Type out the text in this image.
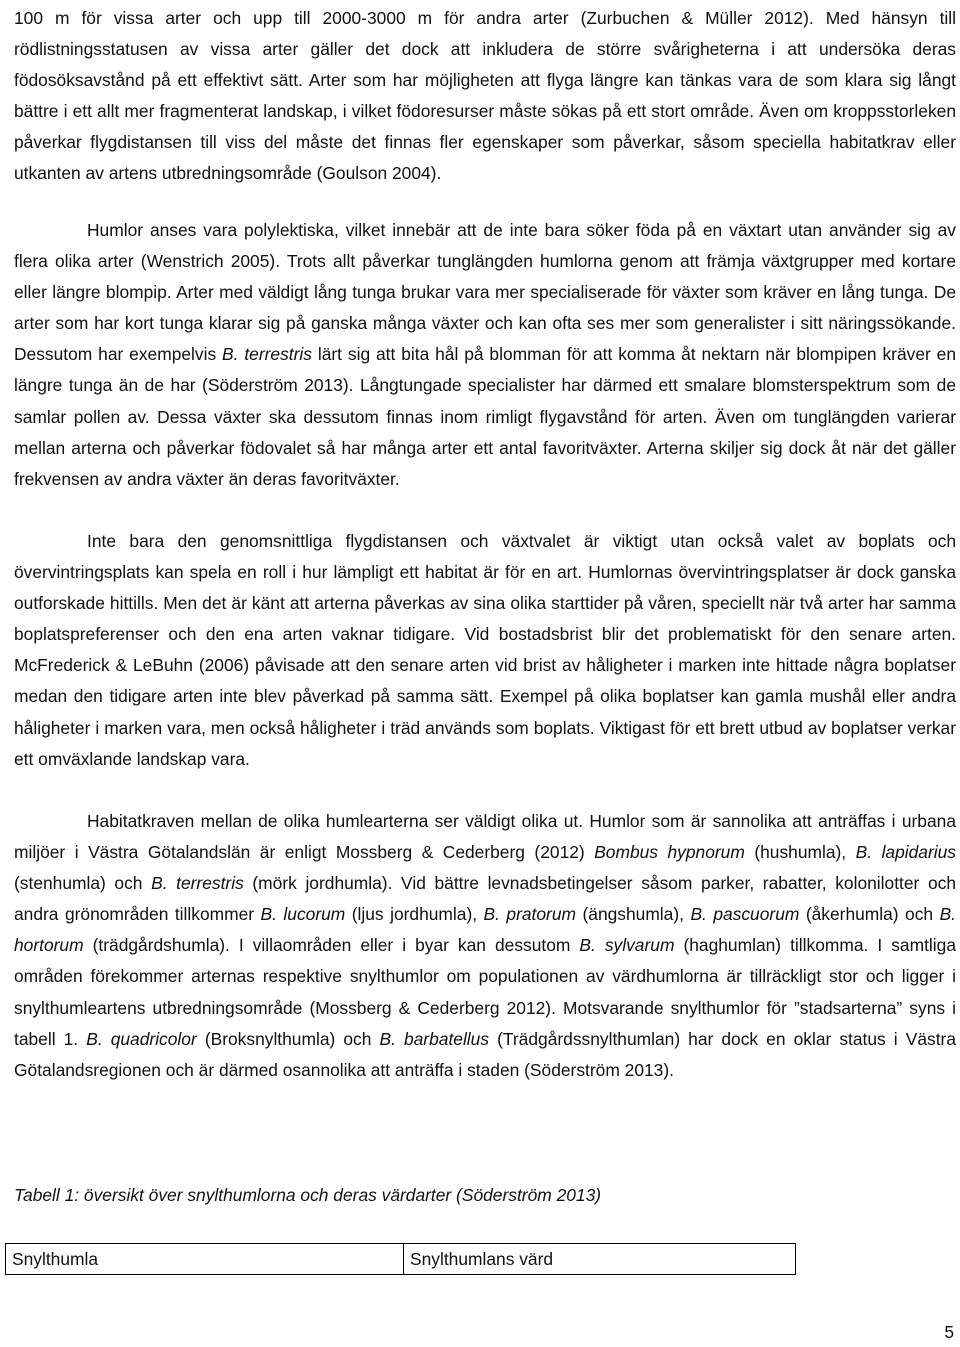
100 m för vissa arter och upp till 2000-3000 m för andra arter (Zurbuchen & Müller 2012). Med hänsyn till rödlistningsstatusen av vissa arter gäller det dock att inkludera de större svårigheterna i att undersöka deras födosöksavstånd på ett effektivt sätt. Arter som har möjligheten att flyga längre kan tänkas vara de som klara sig långt bättre i ett allt mer fragmenterat landskap, i vilket födoresurser måste sökas på ett stort område. Även om kroppsstorleken påverkar flygdistansen till viss del måste det finnas fler egenskaper som påverkar, såsom speciella habitatkrav eller utkanten av artens utbredningsområde (Goulson 2004).

Humlor anses vara polylektiska, vilket innebär att de inte bara söker föda på en växtart utan använder sig av flera olika arter (Wenstrich 2005). Trots allt påverkar tunglängden humlorna genom att främja växtgrupper med kortare eller längre blompip. Arter med väldigt lång tunga brukar vara mer specialiserade för växter som kräver en lång tunga. De arter som har kort tunga klarar sig på ganska många växter och kan ofta ses mer som generalister i sitt näringssökande. Dessutom har exempelvis B. terrestris lärt sig att bita hål på blomman för att komma åt nektarn när blompipen kräver en längre tunga än de har (Söderström 2013). Långtungade specialister har därmed ett smalare blomsterspektrum som de samlar pollen av. Dessa växter ska dessutom finnas inom rimligt flygavstånd för arten. Även om tunglängden varierar mellan arterna och påverkar födovalet så har många arter ett antal favoritväxter. Arterna skiljer sig dock åt när det gäller frekvensen av andra växter än deras favoritväxter.

Inte bara den genomsnittliga flygdistansen och växtvalet är viktigt utan också valet av boplats och övervintringsplats kan spela en roll i hur lämpligt ett habitat är för en art. Humlornas övervintringsplatser är dock ganska outforskade hittills. Men det är känt att arterna påverkas av sina olika starttider på våren, speciellt när två arter har samma boplatspreferenser och den ena arten vaknar tidigare. Vid bostadsbrist blir det problematiskt för den senare arten. McFrederick & LeBuhn (2006) påvisade att den senare arten vid brist av håligheter i marken inte hittade några boplatser medan den tidigare arten inte blev påverkad på samma sätt. Exempel på olika boplatser kan gamla mushål eller andra håligheter i marken vara, men också håligheter i träd används som boplats. Viktigast för ett brett utbud av boplatser verkar ett omväxlande landskap vara.

Habitatkraven mellan de olika humlearterna ser väldigt olika ut. Humlor som är sannolika att anträffas i urbana miljöer i Västra Götalandslän är enligt Mossberg & Cederberg (2012) Bombus hypnorum (hushumla), B. lapidarius (stenhumla) och B. terrestris (mörk jordhumla). Vid bättre levnadsbetingelser såsom parker, rabatter, kolonilotter och andra grönområden tillkommer B. lucorum (ljus jordhumla), B. pratorum (ängshumla), B. pascuorum (åkerhumla) och B. hortorum (trädgårdshumla). I villaområden eller i byar kan dessutom B. sylvarum (haghumlan) tillkomma. I samtliga områden förekommer arternas respektive snylthumlor om populationen av värdhumlorna är tillräckligt stor och ligger i snylthumleartens utbredningsområde (Mossberg & Cederberg 2012). Motsvarande snylthumlor för ”stadsarterna” syns i tabell 1. B. quadricolor (Broksnylthumla) och B. barbatellus (Trädgårdssnylthumlan) har dock en oklar status i Västra Götalandsregionen och är därmed osannolika att anträffa i staden (Söderström 2013).

Tabell 1: översikt över snylthumlorna och deras värdarter (Söderström 2013)

Snylthumla	Snylthumlans värd
5
